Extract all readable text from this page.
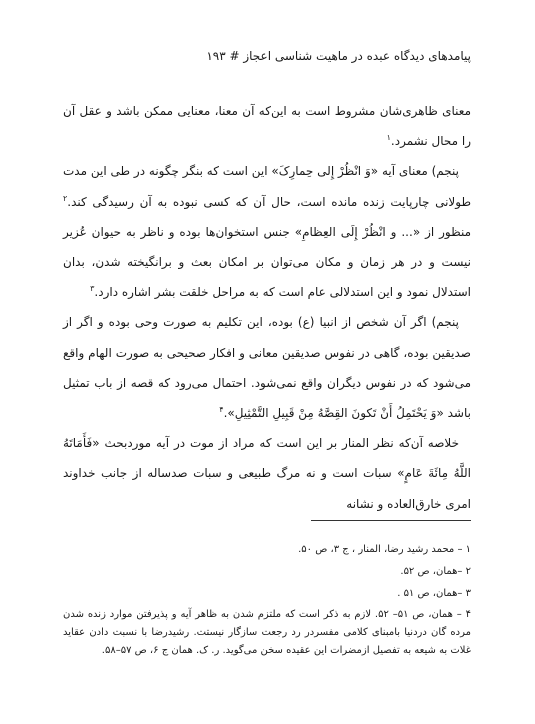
پیامدهای دیدگاه عبده در ماهیت شناسی اعجاز # ۱۹۳

معنای ظاهری‌شان مشروط است به این‌که آن معنا، معنایی ممکن باشد و عقل آن را محال نشمرد.$^۱$

پنجم) معنای آیه «وَ انْظُرْ إِلى حِمارِکَ» این است که بنگر چگونه در طی این مدت طولانی چارپایت زنده مانده است، حال آن که کسی نبوده به آن رسیدگی کند.$^۲$ منظور از «... و انْظُرْ إِلَی العِظامِ» جنس استخوان‌ها بوده و ناظر به حیوان عُزیر نیست و در هر زمان و مکان می‌توان بر امکان بعث و برانگیخته شدن، بدان استدلال نمود و این استدلالی عام است که به مراحل خلقت بشر اشاره دارد.$^۳$

پنجم) اگر آن شخص از انبیا (ع) بوده، این تکلیم به صورت وحی بوده و اگر از صدیقین بوده، گاهی در نفوس صدیقین معانی و افکار صحیحی به صورت الهام واقع می‌شود که در نفوس دیگران واقع نمی‌شود. احتمال می‌رود که قصه از باب تمثیل باشد «وَ یَحْتَمِلُ أَنْ تَکونَ القِصَّهُ مِنْ قَبِیلِ التَّمْثِیلِ».$^۴$

خلاصه آن‌که نظر المنار بر این است که مراد از موت در آیه موردبحث «فَأَمَاتَهُ اللَّهُ مِائَةَ عَامٍ» سبات است و نه مرگ طبیعی و سبات صدساله از جانب خداوند امری خارق‌العاده و نشانه

۱ – محمد رشید رضا، المنار ، ج ۳، ص ۵۰.

۲ –همان، ص ۵۲.

۳ –همان، ص ۵۱ .

۴ – همان، ص ۵۱– ۵۲. لازم به ذکر است که ملتزم شدن به ظاهر آیه و پذیرفتن موارد زنده شدن مرده گان دردنیا بامبنای کلامی مفسردر رد رجعت سازگار نیستت. رشیدرضا با نسبت دادن عقاید غلات به شیعه به تفصیل ازمضرات این عقیده سخن می‌گوید. ر. ک. همان ج ۶، ص ۵۷–۵۸.
